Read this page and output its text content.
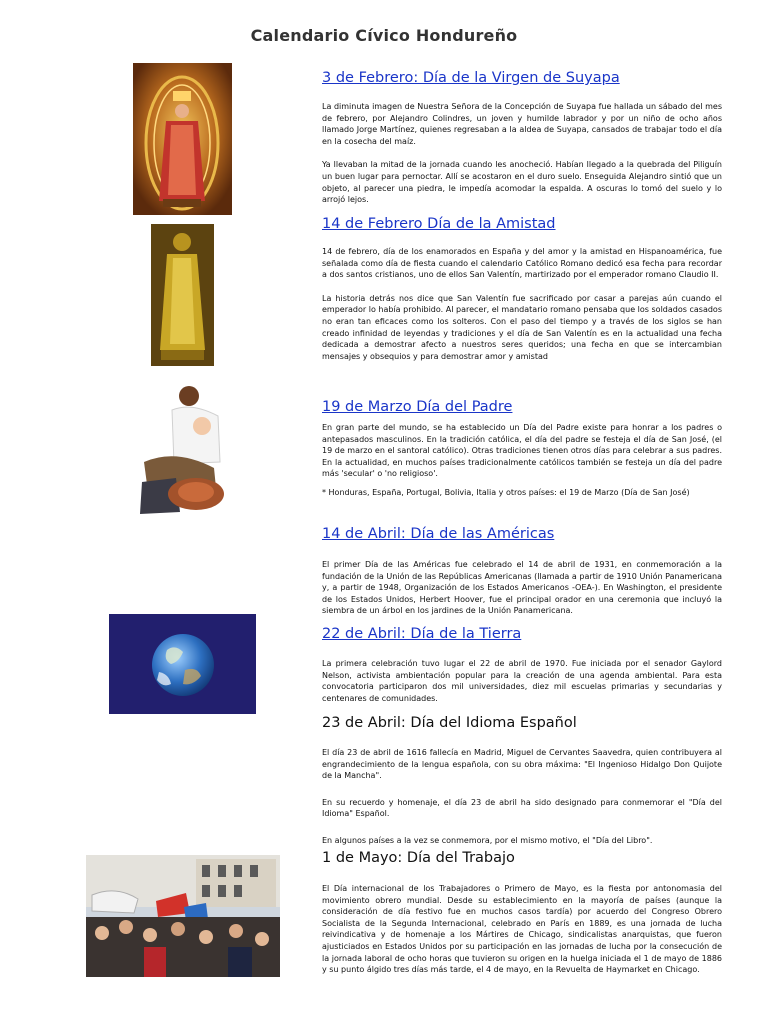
Calendario Cívico Hondureño
3 de Febrero: Día de la Virgen de Suyapa

La diminuta imagen de Nuestra Señora de la Concepción de Suyapa fue hallada un sábado del mes de febrero, por Alejandro Colindres, un joven y humilde labrador y por un niño de ocho años llamado Jorge Martínez, quienes regresaban a la aldea de Suyapa, cansados de trabajar todo el día en la cosecha del maíz.

Ya llevaban la mitad de la jornada cuando les anocheció. Habían llegado a la quebrada del Piliguín un buen lugar para pernoctar. Allí se acostaron en el duro suelo. Enseguida Alejandro sintió que un objeto, al parecer una piedra, le impedía acomodar la espalda. A oscuras lo tomó del suelo y lo arrojó lejos.

14 de Febrero Día de la Amistad

14 de febrero, día de los enamorados en España y del amor y la amistad en Hispanoamérica, fue señalada como día de fiesta cuando el calendario Católico Romano dedicó esa fecha para recordar a dos santos cristianos, uno de ellos San Valentín, martirizado por el emperador romano Claudio II.

La historia detrás nos dice que San Valentín fue sacrificado por casar a parejas aún cuando el emperador lo había prohibido. Al parecer, el mandatario romano pensaba que los soldados casados no eran tan eficaces como los solteros. Con el paso del tiempo y a través de los siglos se han creado infinidad de leyendas y tradiciones y el día de San Valentín es en la actualidad una fecha dedicada a demostrar afecto a nuestros seres queridos; una fecha en que se intercambian mensajes y obsequios y para demostrar amor y amistad

19 de Marzo Día del Padre

En gran parte del mundo, se ha establecido un Día del Padre existe para honrar a los padres o antepasados masculinos. En la tradición católica, el día del padre se festeja el día de San José, (el 19 de marzo en el santoral católico). Otras tradiciones tienen otros días para celebrar a sus padres. En la actualidad, en muchos países tradicionalmente católicos también se festeja un día del padre más 'secular' o 'no religioso'.

* Honduras, España, Portugal, Bolivia, Italia y otros países: el 19 de Marzo (Día de San José)

14 de Abril: Día de las Américas

El primer Día de las Américas fue celebrado el 14 de abril de 1931, en conmemoración a la fundación de la Unión de las Repúblicas Americanas (llamada a partir de 1910 Unión Panamericana y, a partir de 1948, Organización de los Estados Americanos -OEA-). En Washington, el presidente de los Estados Unidos, Herbert Hoover, fue el principal orador en una ceremonia que incluyó la siembra de un árbol en los jardines de la Unión Panamericana.

22 de Abril: Día de la Tierra

La primera celebración tuvo lugar el 22 de abril de 1970. Fue iniciada por el senador Gaylord Nelson, activista ambientación popular para la creación de una agenda ambiental. Para esta convocatoria participaron dos mil universidades, diez mil escuelas primarias y secundarias y centenares de comunidades.

23 de Abril: Día del Idioma Español

El día 23 de abril de 1616 fallecía en Madrid, Miguel de Cervantes Saavedra, quien contribuyera al engrandecimiento de la lengua española, con su obra máxima: "El Ingenioso Hidalgo Don Quijote de la Mancha".

En su recuerdo y homenaje, el día 23 de abril ha sido designado para conmemorar el "Día del Idioma" Español.

En algunos países a la vez se conmemora, por el mismo motivo, el "Día del Libro".

1 de Mayo: Día del Trabajo

El Día internacional de los Trabajadores o Primero de Mayo, es la fiesta por antonomasia del movimiento obrero mundial. Desde su establecimiento en la mayoría de países (aunque la consideración de día festivo fue en muchos casos tardía) por acuerdo del Congreso Obrero Socialista de la Segunda Internacional, celebrado en París en 1889, es una jornada de lucha reivindicativa y de homenaje a los Mártires de Chicago, sindicalistas anarquistas, que fueron ajusticiados en Estados Unidos por su participación en las jornadas de lucha por la consecución de la jornada laboral de ocho horas que tuvieron su origen en la huelga iniciada el 1 de mayo de 1886 y su punto álgido tres días más tarde, el 4 de mayo, en la Revuelta de Haymarket en Chicago.
